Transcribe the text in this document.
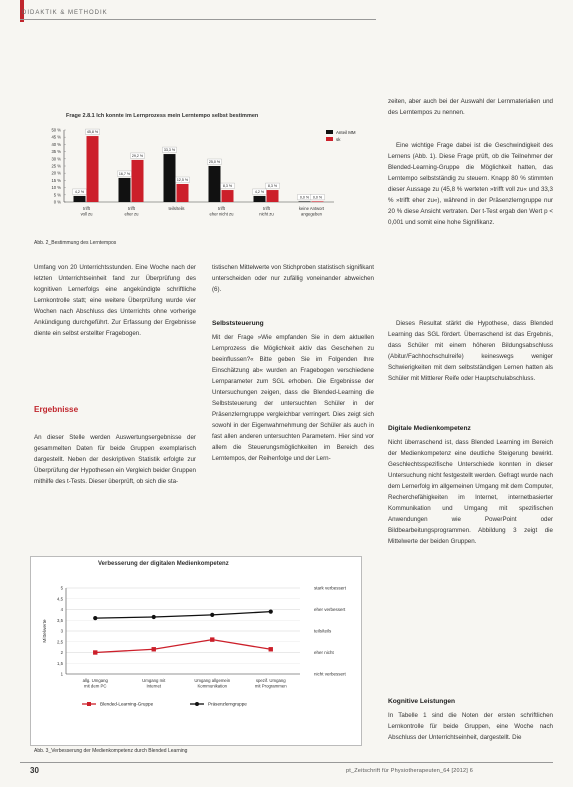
DIDAKTIK & METHODIK
Frage 2.8.1 Ich konnte im Lernprozess mein Lerntempo selbst bestimmen
50 %
45 %
40 %
35 %
30 %
25 %
20 %
15 %
10 %
5 %
0 %
4,2 %
16,7 %
33,3 %
25,0 %
4,2 %
0,0 %
45,8 %
29,2 %
12,5 %
8,3 %	8,3 %
0,0 %
trifft
voll zu
trifft
eher zu
teils/teils	trifft
eher nicht zu
trifft
nicht zu
keine Antwort
angegeben
Anteil MM
sk
Abb. 2_Bestimmung des Lerntempos
Umfang von 20 Unterrichtsstunden. Eine Woche nach der letzten Unterrichtseinheit fand zur Überprüfung des kognitiven Lernerfolgs eine angekündigte schriftliche Lernkontrolle statt; eine weitere Überprüfung wurde vier Wochen nach Abschluss des Unterrichts ohne vorherige Ankündigung durchgeführt. Zur Erfassung der Ergebnisse diente ein selbst erstellter Fragebogen.
Ergebnisse
An dieser Stelle werden Auswertungsergebnisse der gesammelten Daten für beide Gruppen exemplarisch dargestellt. Neben der deskriptiven Statistik erfolgte zur Überprüfung der Hypothesen ein Vergleich beider Gruppen mithilfe des t-Tests. Dieser überprüft, ob sich die sta-
tistischen Mittelwerte von Stichproben statistisch signifikant unterscheiden oder nur zufällig voneinander abweichen (6).
Selbststeuerung
Mit der Frage »Wie empfanden Sie in dem aktuellen Lernprozess die Möglichkeit aktiv das Geschehen zu beeinflussen?« Bitte geben Sie im Folgenden Ihre Einschätzung ab« wurden an Fragebogen verschiedene Lernparameter zum SGL erhoben. Die Ergebnisse der Untersuchungen zeigen, dass die Blended-Learning die Selbststeuerung der untersuchten Schüler in der Präsenzlerngruppe vergleichbar verringert. Dies zeigt sich sowohl in der Eigenwahrnehmung der Schüler als auch in fast allen anderen untersuchten Parametern. Hier sind vor allem die Steuerungsmöglichkeiten im Bereich des Lerntempos, der Reihenfolge und der Lern-
zeiten, aber auch bei der Auswahl der Lernmaterialien und des Lerntempos zu nennen.
Eine wichtige Frage dabei ist die Geschwindigkeit des Lernens (Abb. 1). Diese Frage prüft, ob die Teilnehmer der Blended-Learning-Gruppe die Möglichkeit hatten, das Lerntempo selbstständig zu steuern. Knapp 80 % stimmten dieser Aussage zu (45,8 % werteten »trifft voll zu« und 33,3 % »trifft eher zu«), während in der Präsenzlerngruppe nur 20 % diese Ansicht vertraten. Der t-Test ergab den Wert p < 0,001 und somit eine hohe Signifikanz.
Dieses Resultat stärkt die Hypothese, dass Blended Learning das SGL fördert. Überraschend ist das Ergebnis, dass Schüler mit einem höheren Bildungsabschluss (Abitur/Fachhochschulreife) keineswegs weniger Schwierigkeiten mit dem selbstständigen Lernen hatten als Schüler mit Mittlerer Reife oder Hauptschulabschluss.
Digitale Medienkompetenz
Nicht überraschend ist, dass Blended Learning im Bereich der Medienkompetenz eine deutliche Steigerung bewirkt. Geschlechtsspezifische Unterschiede konnten in dieser Untersuchung nicht festgestellt werden. Gefragt wurde nach dem Lernerfolg im allgemeinen Umgang mit dem Computer, Recherchefähigkeiten im Internet, internetbasierter Kommunikation und Umgang mit spezifischen Anwendungen wie PowerPoint oder Bildbearbeitungsprogrammen. Abbildung 3 zeigt die Mittelwerte der beiden Gruppen.
Kognitive Leistungen
In Tabelle 1 sind die Noten der ersten schriftlichen Lernkontrolle für beide Gruppen, eine Woche nach Abschluss der Unterrichtseinheit, dargestellt. Die
Verbesserung der digitalen Medienkompetenz
Mittelwerte
5
4,5
4
3,5
3
2,5
2
1,5
1
stark verbessert
eher verbessert
teils/teils
eher nicht
nicht verbessert
allg. Umgang
mit dem PC
Umgang mit
Internet
Umgang allgemein
Kommunikation
spezif. Umgang
mit Programmen
Blended-Learning-Gruppe	Präsenzlerngruppe
Abb. 3_Verbesserung der Medienkompetenz durch Blended Learning
30	pt_Zeitschrift für Physiotherapeuten_64 [2012] 6
